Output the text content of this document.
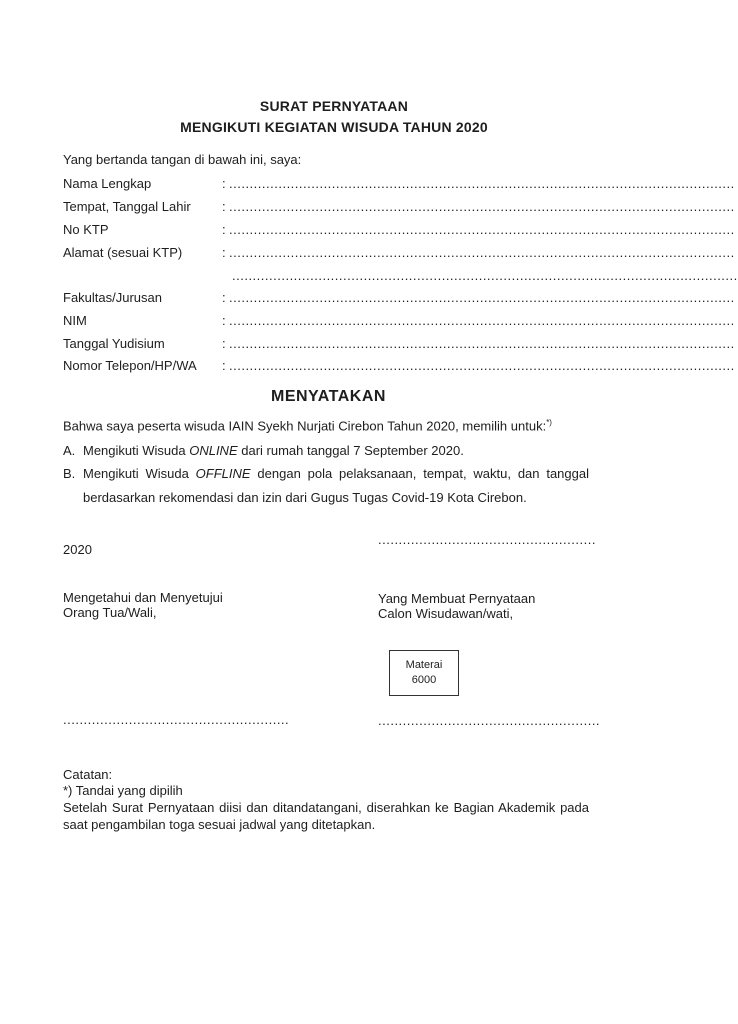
SURAT PERNYATAAN
MENGIKUTI KEGIATAN WISUDA TAHUN 2020
Yang bertanda tangan di bawah ini, saya:
Nama Lengkap	: ...........................................................................................................................
Tempat, Tanggal Lahir : ...........................................................................................................................
No KTP	: ...........................................................................................................................
Alamat (sesuai KTP)	: ...........................................................................................................................
...........................................................................................................................
Fakultas/Jurusan	: ...........................................................................................................................
NIM	: ...........................................................................................................................
Tanggal Yudisium	: ...........................................................................................................................
Nomor Telepon/HP/WA : ...........................................................................................................................
MENYATAKAN
Bahwa saya peserta wisuda IAIN Syekh Nurjati Cirebon Tahun 2020, memilih untuk:*)
A. Mengikuti Wisuda ONLINE dari rumah tanggal 7 September 2020.
B. Mengikuti Wisuda OFFLINE dengan pola pelaksanaan, tempat, waktu, dan tanggal
berdasarkan rekomendasi dan izin dari Gugus Tugas Covid-19 Kota Cirebon.
2020
.....................................................
Mengetahui dan Menyetujui
Orang Tua/Wali,
Yang Membuat Pernyataan
Calon Wisudawan/wati,
Materai
6000
.......................................................	......................................................
Catatan:
*) Tandai yang dipilih
Setelah Surat Pernyataan diisi dan ditandatangani, diserahkan ke Bagian Akademik pada
saat pengambilan toga sesuai jadwal yang ditetapkan.
